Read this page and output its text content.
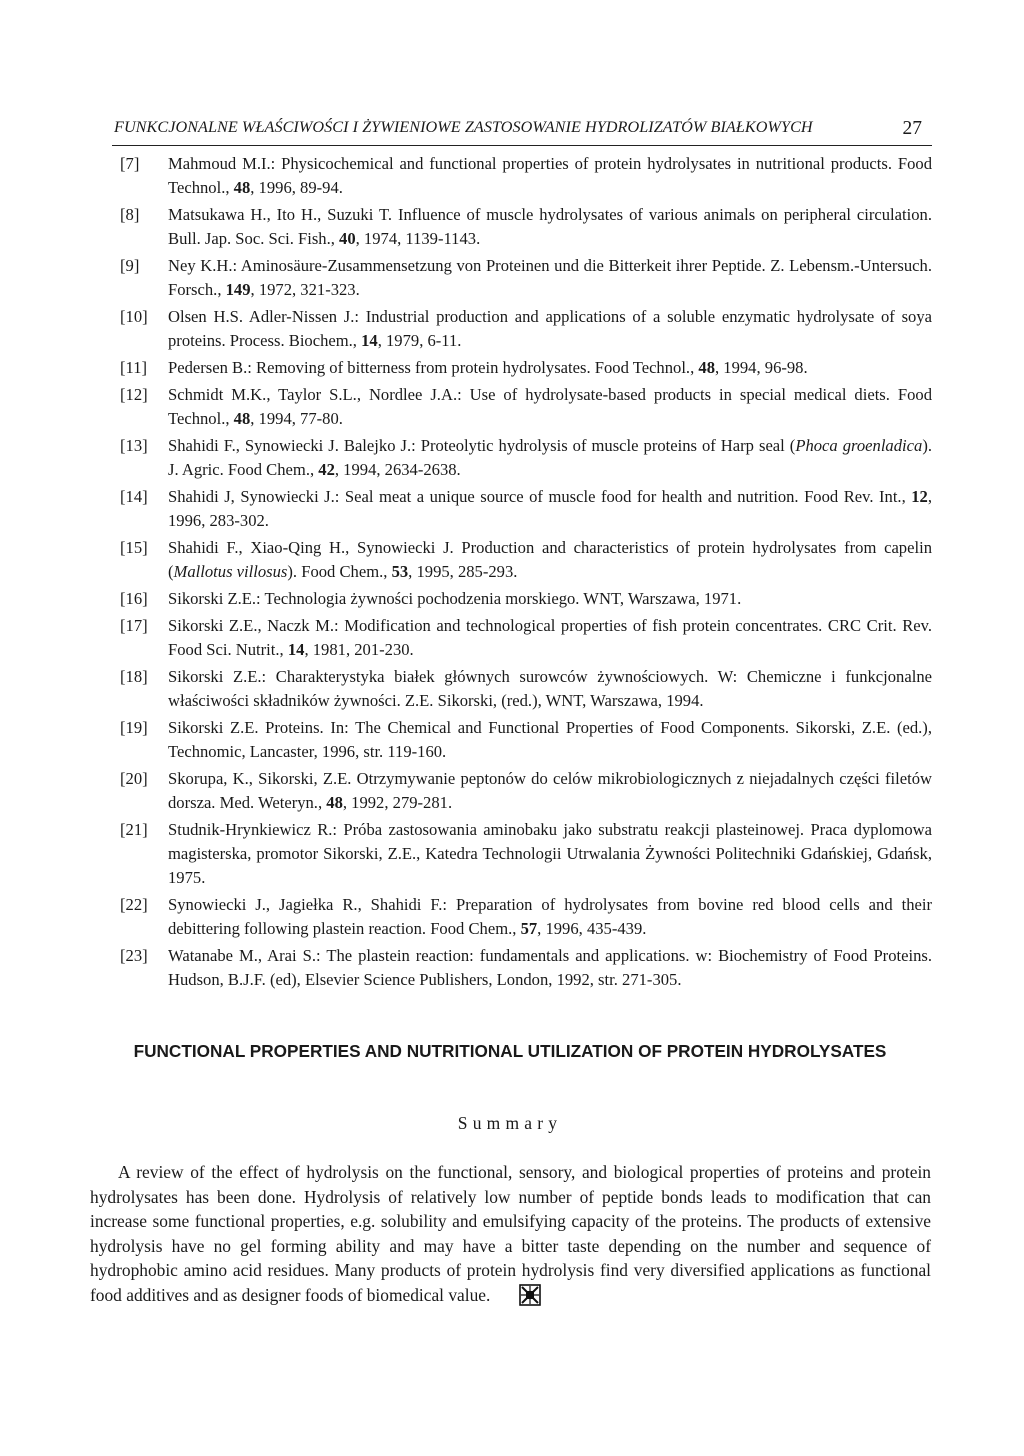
FUNKCJONALNE WŁAŚCIWOŚCI I ŻYWIENIOWE ZASTOSOWANIE HYDROLIZATÓW BIAŁKOWYCH	27
[7] Mahmoud M.I.: Physicochemical and functional properties of protein hydrolysates in nutritional products. Food Technol., 48, 1996, 89-94.
[8] Matsukawa H., Ito H., Suzuki T. Influence of muscle hydrolysates of various animals on peripheral circulation. Bull. Jap. Soc. Sci. Fish., 40, 1974, 1139-1143.
[9] Ney K.H.: Aminosäure-Zusammensetzung von Proteinen und die Bitterkeit ihrer Peptide. Z. Lebensm.-Untersuch. Forsch., 149, 1972, 321-323.
[10] Olsen H.S. Adler-Nissen J.: Industrial production and applications of a soluble enzymatic hydrolysate of soya proteins. Process. Biochem., 14, 1979, 6-11.
[11] Pedersen B.: Removing of bitterness from protein hydrolysates. Food Technol., 48, 1994, 96-98.
[12] Schmidt M.K., Taylor S.L., Nordlee J.A.: Use of hydrolysate-based products in special medical diets. Food Technol., 48, 1994, 77-80.
[13] Shahidi F., Synowiecki J. Balejko J.: Proteolytic hydrolysis of muscle proteins of Harp seal (Phoca groenladica). J. Agric. Food Chem., 42, 1994, 2634-2638.
[14] Shahidi J, Synowiecki J.: Seal meat a unique source of muscle food for health and nutrition. Food Rev. Int., 12, 1996, 283-302.
[15] Shahidi F., Xiao-Qing H., Synowiecki J. Production and characteristics of protein hydrolysates from capelin (Mallotus villosus). Food Chem., 53, 1995, 285-293.
[16] Sikorski Z.E.: Technologia żywności pochodzenia morskiego. WNT, Warszawa, 1971.
[17] Sikorski Z.E., Naczk M.: Modification and technological properties of fish protein concentrates. CRC Crit. Rev. Food Sci. Nutrit., 14, 1981, 201-230.
[18] Sikorski Z.E.: Charakterystyka białek głównych surowców żywnościowych. W: Chemiczne i funkcjonalne właściwości składników żywności. Z.E. Sikorski, (red.), WNT, Warszawa, 1994.
[19] Sikorski Z.E. Proteins. In: The Chemical and Functional Properties of Food Components. Sikorski, Z.E. (ed.), Technomic, Lancaster, 1996, str. 119-160.
[20] Skorupa, K., Sikorski, Z.E. Otrzymywanie peptonów do celów mikrobiologicznych z niejadalnych części filetów dorsza. Med. Weteryn., 48, 1992, 279-281.
[21] Studnik-Hrynkiewicz R.: Próba zastosowania aminobaku jako substratu reakcji plasteinowej. Praca dyplomowa magisterska, promotor Sikorski, Z.E., Katedra Technologii Utrwalania Żywności Politechniki Gdańskiej, Gdańsk, 1975.
[22] Synowiecki J., Jagiełka R., Shahidi F.: Preparation of hydrolysates from bovine red blood cells and their debittering following plastein reaction. Food Chem., 57, 1996, 435-439.
[23] Watanabe M., Arai S.: The plastein reaction: fundamentals and applications. w: Biochemistry of Food Proteins. Hudson, B.J.F. (ed), Elsevier Science Publishers, London, 1992, str. 271-305.
FUNCTIONAL PROPERTIES AND NUTRITIONAL UTILIZATION OF PROTEIN HYDROLYSATES
Summary

A review of the effect of hydrolysis on the functional, sensory, and biological properties of proteins and protein hydrolysates has been done. Hydrolysis of relatively low number of peptide bonds leads to modification that can increase some functional properties, e.g. solubility and emulsifying capacity of the proteins. The products of extensive hydrolysis have no gel forming ability and may have a bitter taste depending on the number and sequence of hydrophobic amino acid residues. Many products of protein hydrolysis find very diversified applications as functional food additives and as designer foods of biomedical value.
